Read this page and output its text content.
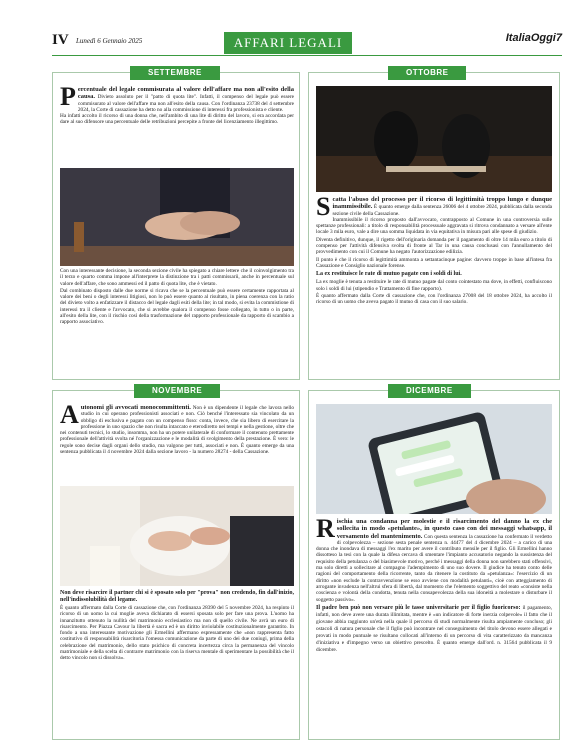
IV Lunedì 6 Gennaio 2025	AFFARI LEGALI	ItaliaOggi7
SETTEMBRE
P ercentuale del legale commisurata al valore dell'affare ma non all'esito della causa. Divieto assoluto per il "patto di quota lite". Infatti, il compenso del legale può essere commisurato al valore dell'affare ma non all'esito della causa. Con l'ordinanza 23738 del 4 settembre 2024, la Corte di cassazione ha detto no alla commissione di interessi fra professionista e cliente.

Ha infatti accolto il ricorso di una donna che, nell'ambito di una lite di diritto del lavoro, si era accordata per dare al suo difensore una percentuale delle retribuzioni percepite a fronte del licenziamento illegittimo.

Con una interessante decisione, la seconda sezione civile ha spiegato a chiare lettere che il coinvolgimento tra il terzo e quarto comma impone all'interprete la distinzione tra i patti commissarii, anche in percentuale sul valore dell'affare, che sono ammessi ed il patto di quota lite, che è vietato.

Dal combinato disposto dalle due norme si ricava che se la percentuale può essere certamente rapportata al valore dei beni o degli interessi litigiosi, non lo può essere quanto al risultato, in piena coerenza con la ratio del divieto volto a enfatizzare il distacco del legale dagli esiti della lite; in tal modo, si evita la commistione di interessi tra il cliente e l'avvocato, che si avrebbe qualora il compenso fosse collegato, in tutto o in parte, all'esito della lite, con il rischio così della trasformazione del rapporto professionale da rapporto di scambio a rapporto associativo.

OTTOBRE
S catta l'abuso del processo per il ricorso di legittimità troppo lungo e dunque inammissibile. È quanto emerge dalla sentenza 26006 del 4 ottobre 2024, pubblicata dalla seconda sezione civile della Cassazione.

Inammissibile il ricorso proposto dall'avvocato, contrapposto al Comune in una controversia sulle spettanze professionali: a titolo di responsabilità processuale aggravata si ritrova condannato a versare all'ente locale 3 mila euro, vale a dire una somma liquidata in via equitativa in misura pari alle spese di giudizio.

Diventa definitivo, dunque, il rigetto dell'originaria domanda per il pagamento di oltre 14 mila euro a titolo di compenso per l'attività difensiva svolta di fronte al Tar in una causa conclusasi con l'annullamento del provvedimento con cui il Comune ha negato l'autorizzazione edilizia.

Il punto è che il ricorso di legittimità ammonta a settantacinque pagine: davvero troppe in base all'intesa fra Cassazione e Consiglio nazionale forense.

La ex restituisce le rate di mutuo pagate con i soldi di lui.

La ex moglie è tenuta a restituire le rate di mutuo pagate dal conto cointestato ma dove, in effetti, confluiscono solo i soldi di lui (stipendio e Trattamento di fine rapporto).

È quanto affermato dalla Corte di cassazione che, con l'ordinanza 27008 del 18 ottobre 2024, ha accolto il ricorso di un uomo che aveva pagato il mutuo di casa con il suo salario.

NOVEMBRE
A utonomi gli avvocati monocommittenti. Non è un dipendente il legale che lavora nello studio in cui operano professionisti associati e non. Ciò benché l'interessato sia vincolato da un obbligo di esclusiva e pagato con un compenso fisso: conta, invece, che sia libero di esercitare la professione in uno spazio che non risulta intaccato e eterodiretto nei tempi e nella gestione, oltre che nei contenuti tecnici, lo studio, insomma, non ha un potere unilaterale di conformare il contenuto prettamente professionale dell'attività svolta né l'organizzazione e le modalità di svolgimento della prestazione. È vero: le regole sono decise dagli organi dello studio, ma valgono per tutti, associati e non. È quanto emerge da una sentenza pubblicata il 4 novembre 2024 dalla sezione lavoro - la numero 28274 - della Cassazione.

Non deve risarcire il partner chi si è sposato solo per "prova" non credendo, fin dall'inizio, nell'indissolubilità del legame.

È quanto affermato dalla Corte di cassazione che, con l'ordinanza 28390 del 5 novembre 2024, ha respinto il ricorso di un uomo la cui moglie aveva dichiarato di essersi sposata solo per fare una prova. L'uomo ha innanzitutto ottenuto la nullità del matrimonio ecclesiastico ma non di quello civile. Ne avrà un euro di risarcimento. Per Piazza Cavour la libertà è sacra ed è un diritto inviolabile costituzionalmente garantito. In fondo a una interessante motivazione gli Ermellini affermano espressamente che «non rappresenta fatto costitutivo di responsabilità risarcitoria l'omessa comunicazione da parte di uno dei due coniugi, prima della celebrazione del matrimonio, dello stato psichico di concreta incertezza circa la permanenza del vincolo matrimoniale e della scelta di contrarre matrimonio con la riserva mentale di sperimentare la possibilità che il detto vincolo non si dissolva».

DICEMBRE
R ischia una condanna per molestie e il risarcimento del danno la ex che sollecita in modo «petulante», in questo caso con dei messaggi whatsapp, il versamento del mantenimento. Con questa sentenza la cassazione ha confermato il verdetto di colpevolezza – sezione sesta penale sentenza n. 44477 del 4 dicembre 2024 – a carico di una donna che inondava di messaggi l'ex marito per avere il contributo mensile per il figlio. Gli Ermellini hanno dissotteso la tesi con la quale la difesa cercava di smentare l'impianto accusatorio negando la sussistenza del requisito della petulanza o del biasimevole motivo, perché i messaggi della donna non sarebbero stati offensivi, ma solo diretti a sollecitare al compagno l'adempimento di uno suo dovere. Il giudice ha tenuto conto delle ragioni del comportamento della ricorrente, tanto da ritenere la costituto da «petulanza»: l'esercizio di un diritto «non esclude la contravvenzione se esso avviene con modalità petulanti», cioè con atteggiamento di arrogante invadenza nell'altrui sfera di libertà, dal momento che l'elemento soggettivo del reato «consiste nella coscienza e volontà della condotta, tenuta nella consapevolezza della sua idoneità a molestare o disturbare il soggetto passivo».

Il padre ben può non versare più le tasse universitarie per il figlio fuoricorso: il pagamento, infatti, non deve avere una durata illimitata, mentre è «un indicatore di forte inerzia colpevole» il fatto che il giovane abbia raggiunto un'età nella quale il percorso di studi normalmente risulta ampiamente concluso; gli ostacoli di natura personale che il figlio può incontrare nel conseguimento del titolo devono essere allegati e provati in modo puntuale se risultano collocati all'interno di un percorso di vita caratterizzato da mancanza d'iniziativa e d'impegno verso un obiettivo prescelto. È quanto emerge dall'ord. n. 31564 pubblicata il 9 dicembre.
